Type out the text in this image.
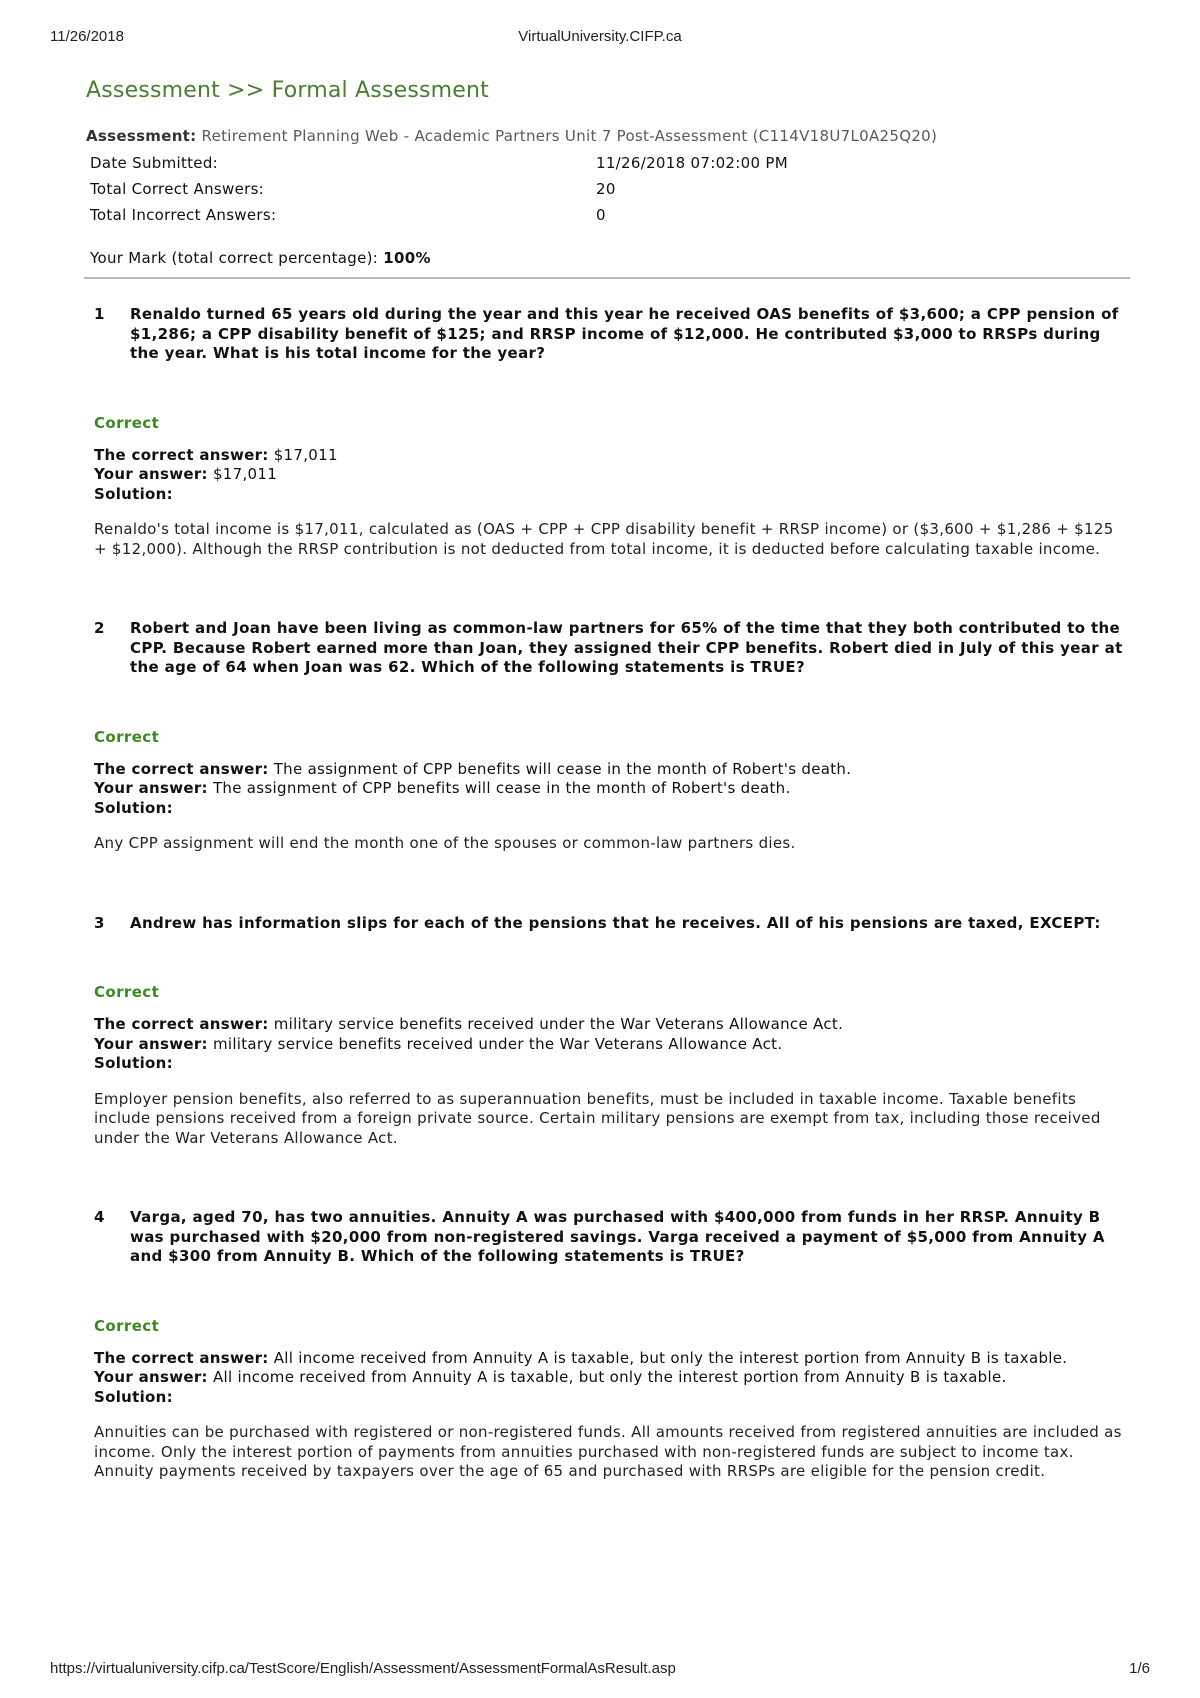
11/26/2018	VirtualUniversity.CIFP.ca
Assessment >> Formal Assessment
Assessment: Retirement Planning Web - Academic Partners Unit 7 Post-Assessment (C114V18U7L0A25Q20)
Date Submitted:	11/26/2018 07:02:00 PM
Total Correct Answers:	20
Total Incorrect Answers:	0
Your Mark (total correct percentage): 100%
1	Renaldo turned 65 years old during the year and this year he received OAS benefits of $3,600; a CPP pension of $1,286; a CPP disability benefit of $125; and RRSP income of $12,000. He contributed $3,000 to RRSPs during the year. What is his total income for the year?
Correct
The correct answer: $17,011
Your answer: $17,011
Solution:
Renaldo's total income is $17,011, calculated as (OAS + CPP + CPP disability benefit + RRSP income) or ($3,600 + $1,286 + $125 + $12,000). Although the RRSP contribution is not deducted from total income, it is deducted before calculating taxable income.
2	Robert and Joan have been living as common-law partners for 65% of the time that they both contributed to the CPP. Because Robert earned more than Joan, they assigned their CPP benefits. Robert died in July of this year at the age of 64 when Joan was 62. Which of the following statements is TRUE?
Correct
The correct answer: The assignment of CPP benefits will cease in the month of Robert's death.
Your answer: The assignment of CPP benefits will cease in the month of Robert's death.
Solution:
Any CPP assignment will end the month one of the spouses or common-law partners dies.
3	Andrew has information slips for each of the pensions that he receives. All of his pensions are taxed, EXCEPT:
Correct
The correct answer: military service benefits received under the War Veterans Allowance Act.
Your answer: military service benefits received under the War Veterans Allowance Act.
Solution:
Employer pension benefits, also referred to as superannuation benefits, must be included in taxable income. Taxable benefits include pensions received from a foreign private source. Certain military pensions are exempt from tax, including those received under the War Veterans Allowance Act.
4	Varga, aged 70, has two annuities. Annuity A was purchased with $400,000 from funds in her RRSP. Annuity B was purchased with $20,000 from non-registered savings. Varga received a payment of $5,000 from Annuity A and $300 from Annuity B. Which of the following statements is TRUE?
Correct
The correct answer: All income received from Annuity A is taxable, but only the interest portion from Annuity B is taxable.
Your answer: All income received from Annuity A is taxable, but only the interest portion from Annuity B is taxable.
Solution:
Annuities can be purchased with registered or non-registered funds. All amounts received from registered annuities are included as income. Only the interest portion of payments from annuities purchased with non-registered funds are subject to income tax. Annuity payments received by taxpayers over the age of 65 and purchased with RRSPs are eligible for the pension credit.
https://virtualuniversity.cifp.ca/TestScore/English/Assessment/AssessmentFormalAsResult.asp	1/6
